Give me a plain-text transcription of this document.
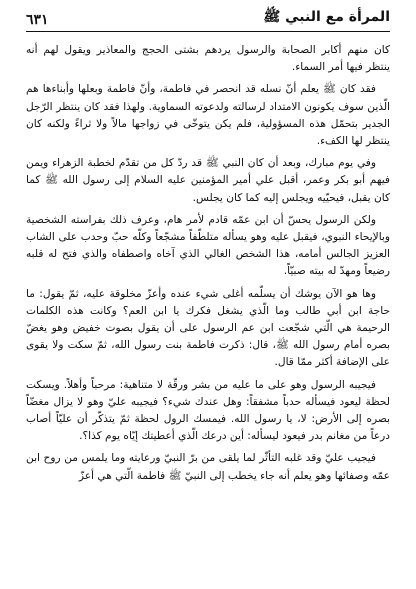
٦٣١	المرأة مع النبي ﷺ

كان منهم أكابر الصحابة والرسول يردهم بشتى الحجج والمعاذير ويقول لهم أنه ينتظر فيها أمر السماء.

فقد كان ﷺ يعلم أنّ نسله قد انحصر في فاطمة، وأنّ فاطمة وبعلها وأبناءها هم الّذين سوف يكونون الامتداد لرسالته ولدعوته السماوية. ولهذا فقد كان ينتظر الرّجل الجدير بتحمّل هذه المسؤولية، فلم يكن يتوخّى في زواجها مالاً ولا ثراءً ولكنه كان ينتظر لها الكفء.

وفي يوم مبارك، وبعد أن كان النبي ﷺ قد ردّ كل من تقدّم لخطبة الزهراء ويمن فيهم أبو بكر وعمر، أقبل علي أمير المؤمنين عليه السلام إلى رسول الله ﷺ كما كان يقبل، فيحيّيه ويجلس إليه كما كان يجلس.

ولكن الرسول يحسّ أن ابن عمّه قادم لأمر هام، وعرف ذلك بفراسته الشخصية وبالإيحاء النبوي، فيقبل عليه وهو يسأله متلطّفاً مشجّعاً وكلّه حبّ وحدب على الشاب العزيز الجالس أمامه، هذا الشخص الغالي الذي آخاه واصطفاه والذي فتح له قلبه رضيعاً ومهدّ له بيته صبيّاً.

وها هو الآن يوشك أن يسلّمه أغلى شيء عنده وأعزّ مخلوقة عليه، ثمّ يقول: ما حاجة ابن أبي طالب وما الّذي يشغل فكرك يا ابن العم؟ وكانت هذه الكلمات الرحيمة هي الّتي شجّعت ابن عم الرسول على أن يقول بصوت خفيض وهو يغضّ بصره أمام رسول الله ﷺ، قال: ذكرت فاطمة بنت رسول الله، ثمّ سكت ولا يقوى على الإضافة أكثر ممّا قال.

فيجيبه الرسول وهو على ما عليه من بشر ورقّة لا متناهية: مرحباً وأهلاً. ويسكت لحظة ليعود فيسأله حدباً مشفقاً: وهل عندك شيء؟ فيجيبه عليّ وهو لا يزال مغضّاً بصره إلى الأرض: لا، يا رسول الله. فيمسك الرول لحظة ثمّ يتذكّر أن عليّاً أصاب درعاً من مغانم بدر فيعود ليسأله: أين درعك الّذي أعطيتك إيّاه يوم كذا؟.

فيجيب عليّ وقد غلبه التأثّر لما يلقى من برّ النبيّ ورعايته وما يلمس من روح ابن عمّه وصفائها وهو يعلم أنه جاء يخطب إلى النبيّ ﷺ فاطمة الّتي هي أعزّ
